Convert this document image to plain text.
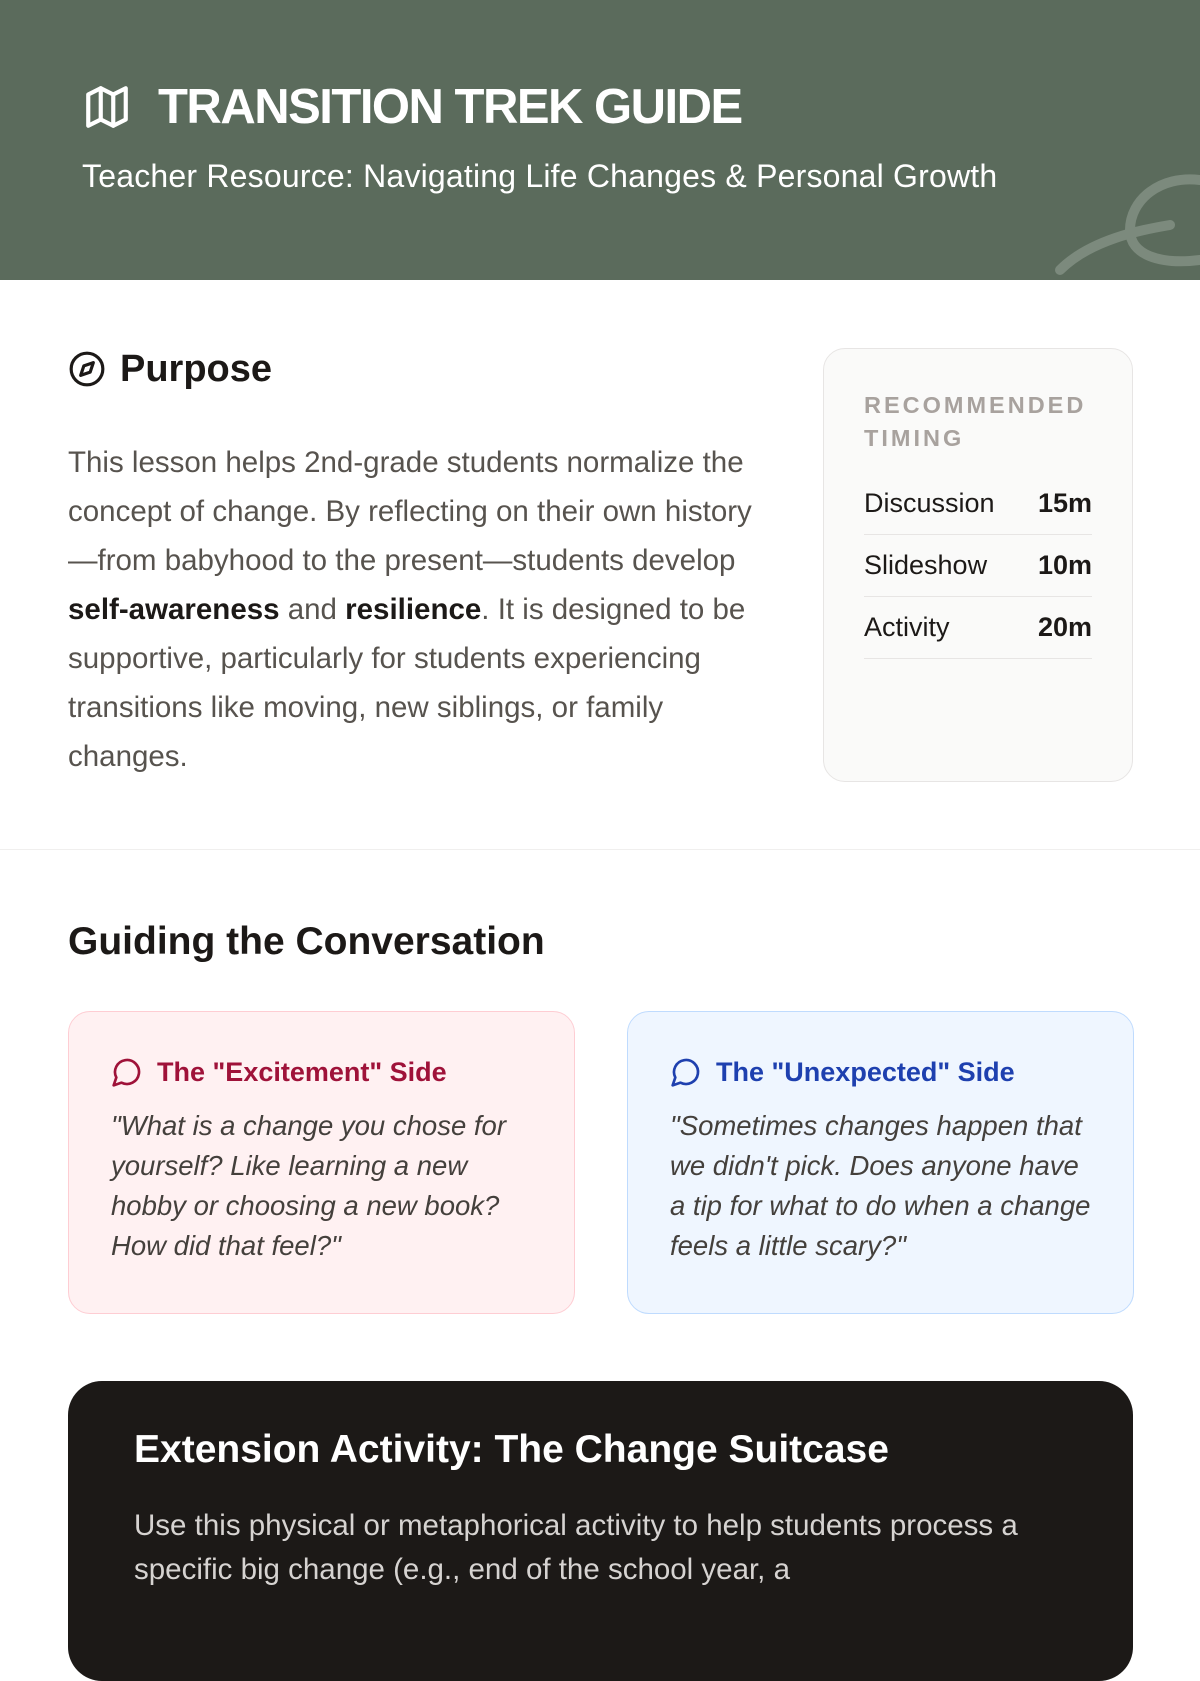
TRANSITION TREK GUIDE
Teacher Resource: Navigating Life Changes & Personal Growth
Purpose

This lesson helps 2nd-grade students normalize the concept of change. By reflecting on their own history—from babyhood to the present—students develop self-awareness and resilience. It is designed to be supportive, particularly for students experiencing transitions like moving, new siblings, or family changes.

RECOMMENDED TIMING
Discussion 15m
Slideshow 10m
Activity	20m
Guiding the Conversation
The "Excitement" Side

"What is a change you chose for yourself? Like learning a new hobby or choosing a new book? How did that feel?"

The "Unexpected" Side

"Sometimes changes happen that we didn't pick. Does anyone have a tip for what to do when a change feels a little scary?"

Extension Activity: The Change Suitcase

Use this physical or metaphorical activity to help students process a specific big change (e.g., end of the school year, a
